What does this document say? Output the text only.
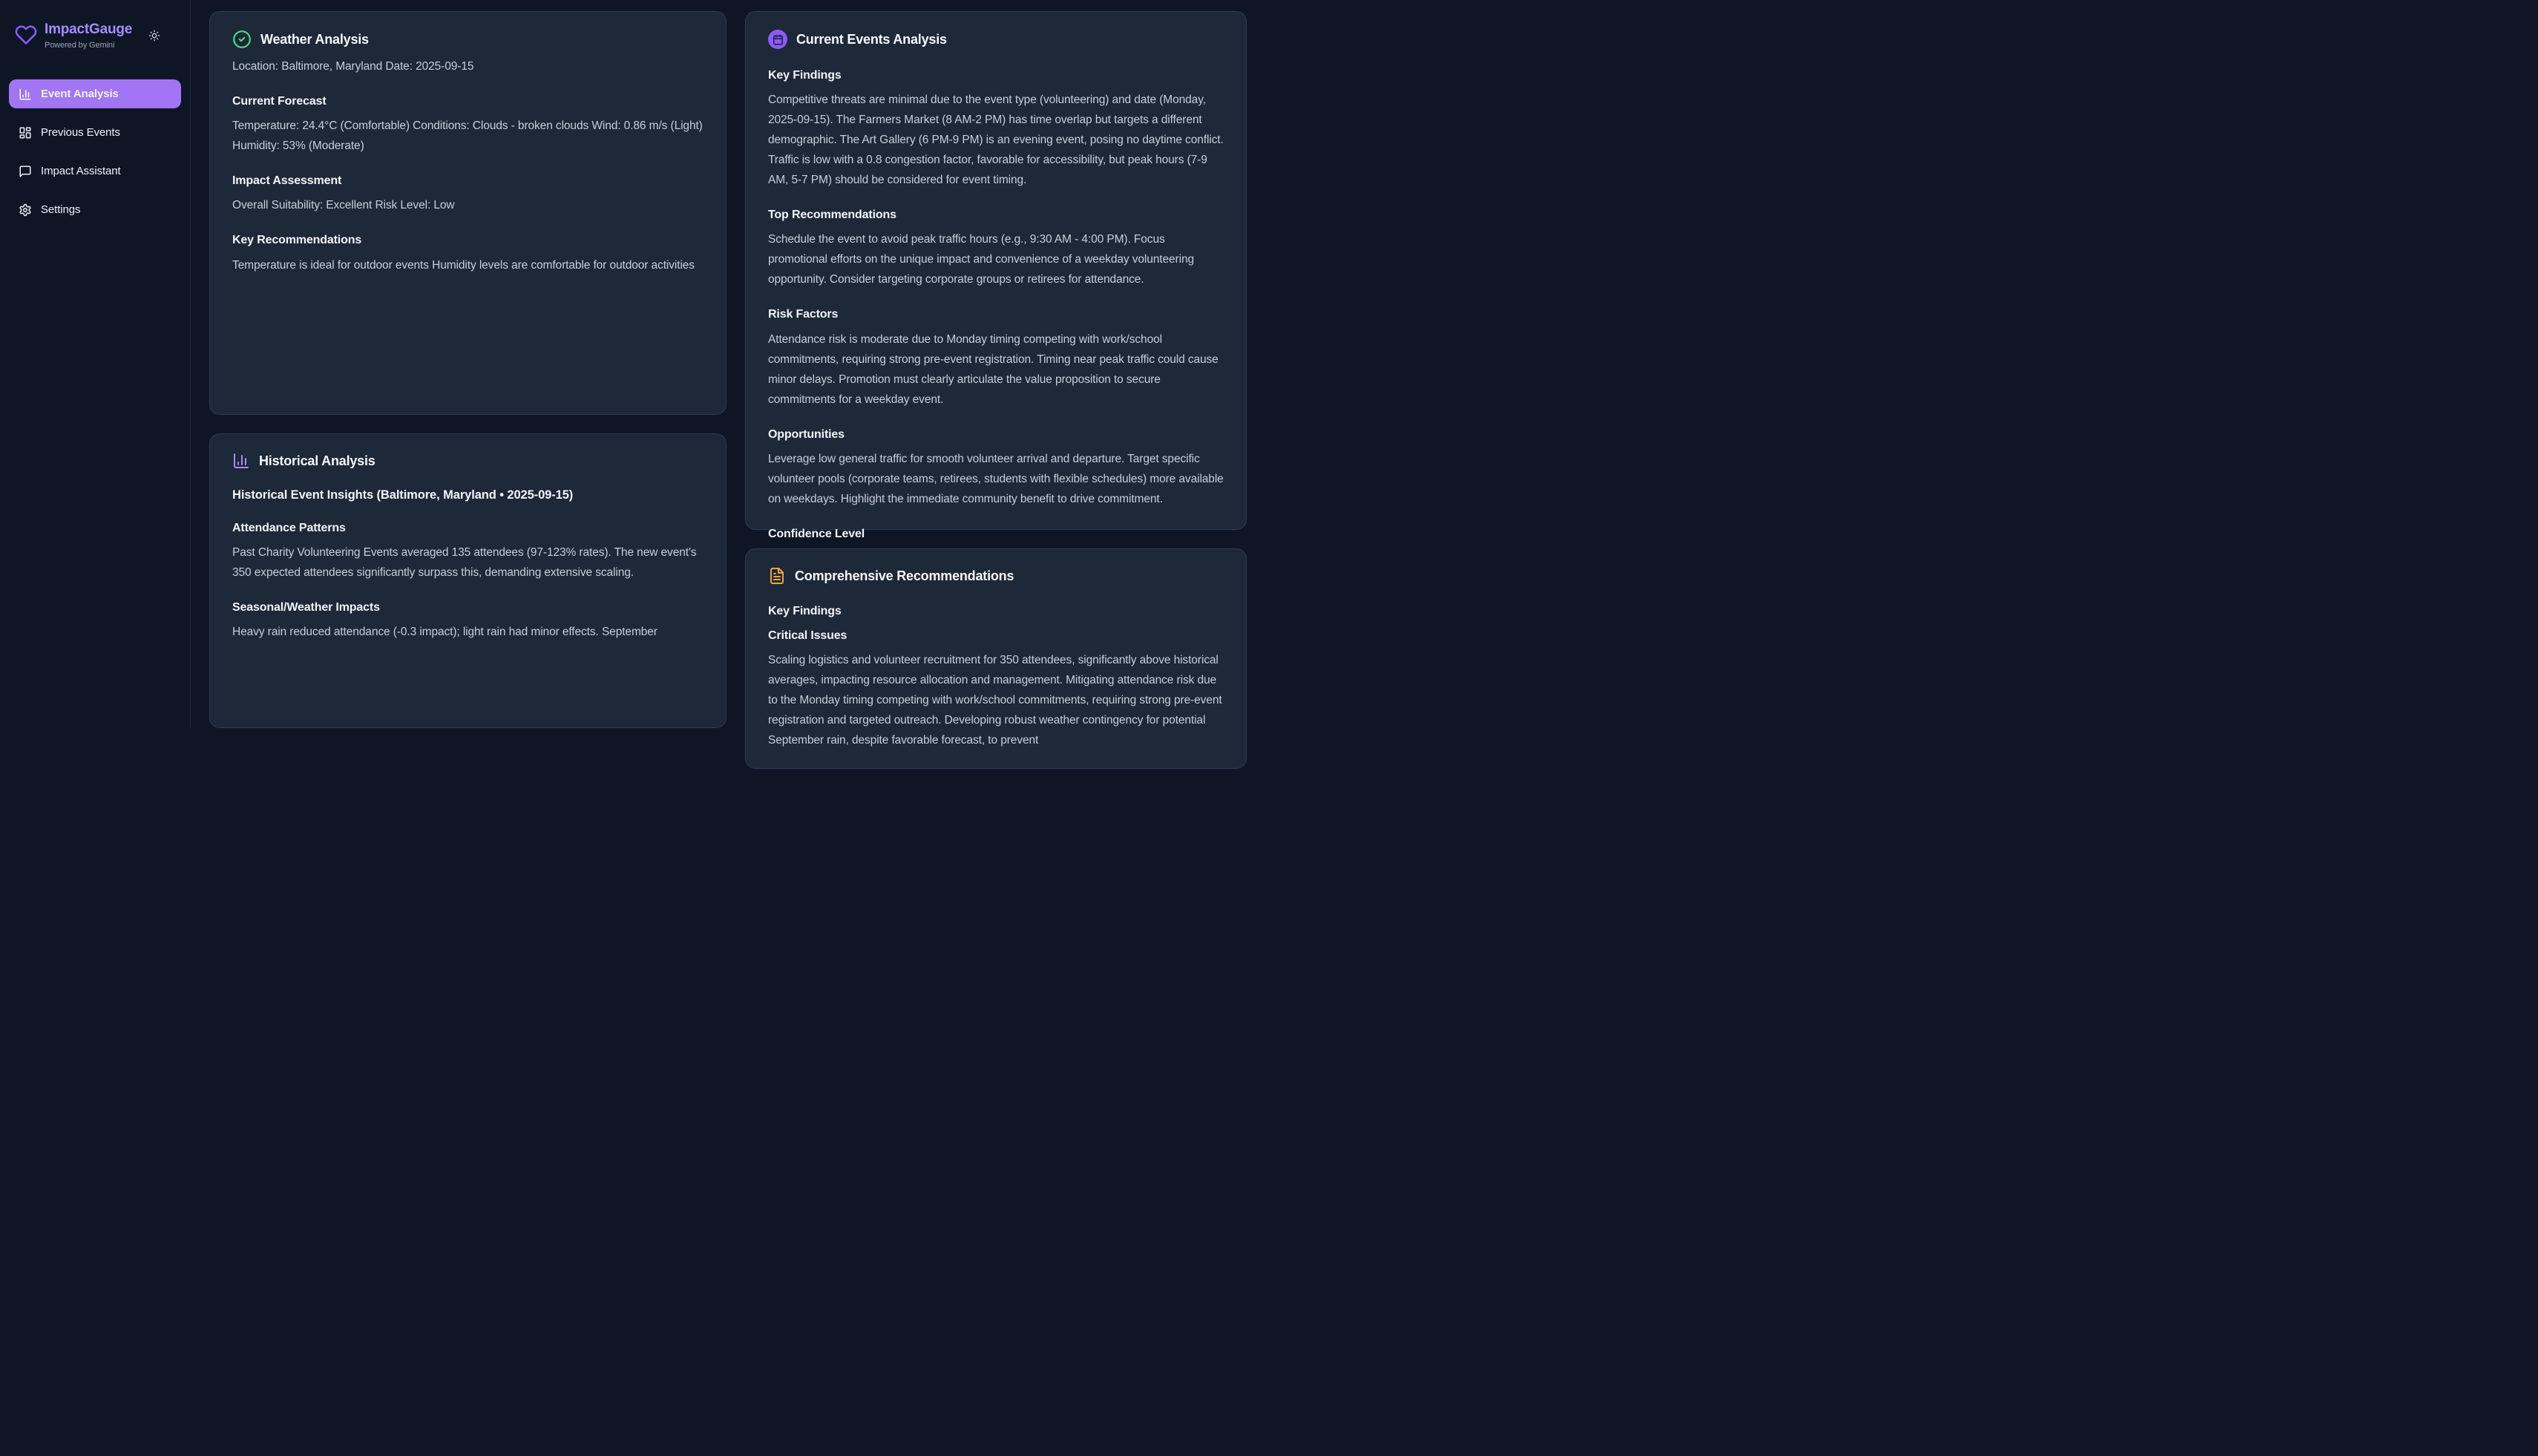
ImpactGauge
Powered by Gemini
Event Analysis
Previous Events
Impact Assistant
Settings
Weather Analysis

Location: Baltimore, Maryland Date: 2025-09-15

Current Forecast

Temperature: 24.4°C (Comfortable) Conditions: Clouds - broken clouds Wind: 0.86 m/s (Light) Humidity: 53% (Moderate)

Impact Assessment

Overall Suitability: Excellent Risk Level: Low

Key Recommendations

Temperature is ideal for outdoor events Humidity levels are comfortable for outdoor activities

Historical Analysis
Historical Event Insights (Baltimore, Maryland • 2025-09-15)
Attendance Patterns

Past Charity Volunteering Events averaged 135 attendees (97-123% rates). The new event's 350 expected attendees significantly surpass this, demanding extensive scaling.

Seasonal/Weather Impacts

Heavy rain reduced attendance (-0.3 impact); light rain had minor effects. September

Current Events Analysis
Key Findings

Competitive threats are minimal due to the event type (volunteering) and date (Monday, 2025-09-15). The Farmers Market (8 AM-2 PM) has time overlap but targets a different demographic. The Art Gallery (6 PM-9 PM) is an evening event, posing no daytime conflict. Traffic is low with a 0.8 congestion factor, favorable for accessibility, but peak hours (7-9 AM, 5-7 PM) should be considered for event timing.

Top Recommendations

Schedule the event to avoid peak traffic hours (e.g., 9:30 AM - 4:00 PM). Focus promotional efforts on the unique impact and convenience of a weekday volunteering opportunity. Consider targeting corporate groups or retirees for attendance.

Risk Factors

Attendance risk is moderate due to Monday timing competing with work/school commitments, requiring strong pre-event registration. Timing near peak traffic could cause minor delays. Promotion must clearly articulate the value proposition to secure commitments for a weekday event.

Opportunities

Leverage low general traffic for smooth volunteer arrival and departure. Target specific volunteer pools (corporate teams, retirees, students with flexible schedules) more available on weekdays. Highlight the immediate community benefit to drive commitment.

Confidence Level

Comprehensive Recommendations
Key Findings
Critical Issues

Scaling logistics and volunteer recruitment for 350 attendees, significantly above historical averages, impacting resource allocation and management. Mitigating attendance risk due to the Monday timing competing with work/school commitments, requiring strong pre-event registration and targeted outreach. Developing robust weather contingency for potential September rain, despite favorable forecast, to prevent
